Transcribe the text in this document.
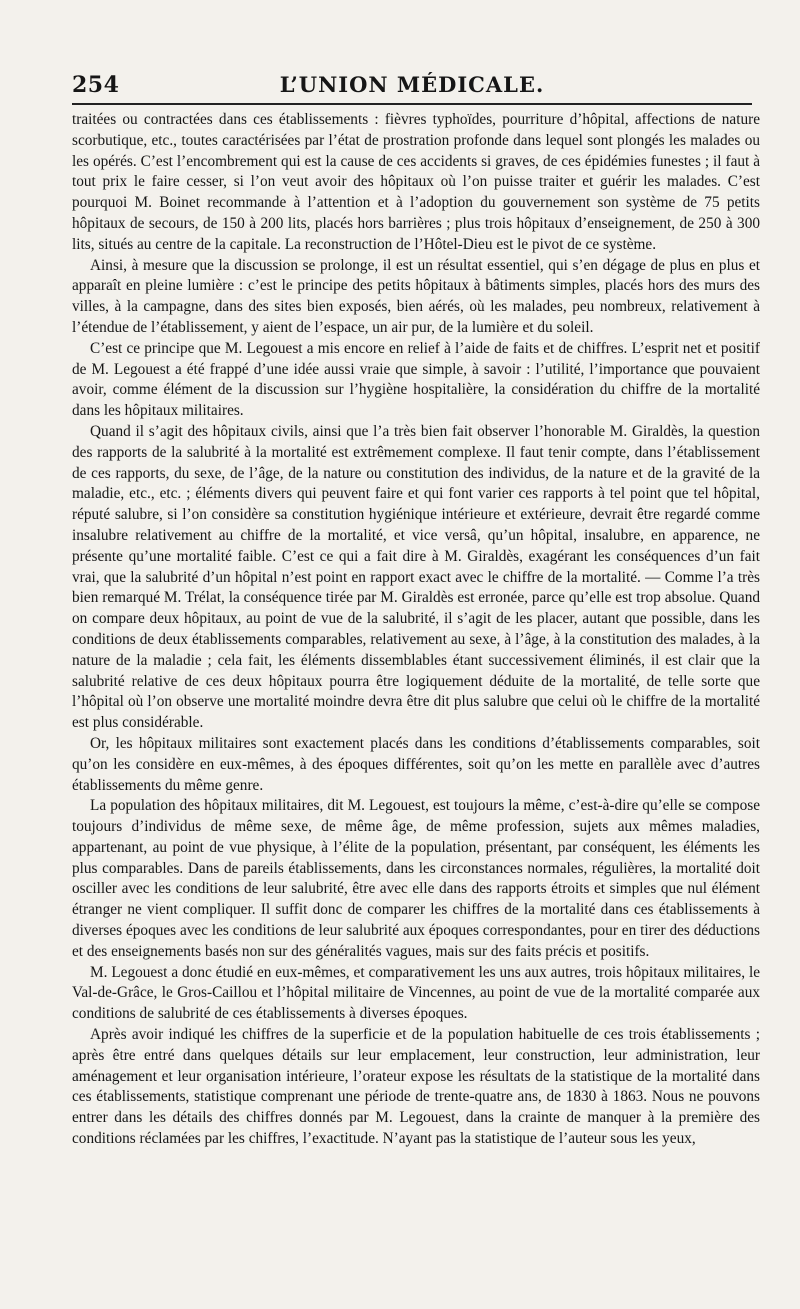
254	L’UNION MÉDICALE.

traitées ou contractées dans ces établissements : fièvres typhoïdes, pourriture d’hôpital, affections de nature scorbutique, etc., toutes caractérisées par l’état de prostration profonde dans lequel sont plongés les malades ou les opérés. C’est l’encombrement qui est la cause de ces accidents si graves, de ces épidémies funestes ; il faut à tout prix le faire cesser, si l’on veut avoir des hôpitaux où l’on puisse traiter et guérir les malades. C’est pourquoi M. Boinet recommande à l’attention et à l’adoption du gouvernement son système de 75 petits hôpitaux de secours, de 150 à 200 lits, placés hors barrières ; plus trois hôpitaux d’enseignement, de 250 à 300 lits, situés au centre de la capitale. La reconstruction de l’Hôtel-Dieu est le pivot de ce système.

Ainsi, à mesure que la discussion se prolonge, il est un résultat essentiel, qui s’en dégage de plus en plus et apparaît en pleine lumière : c’est le principe des petits hôpitaux à bâtiments simples, placés hors des murs des villes, à la campagne, dans des sites bien exposés, bien aérés, où les malades, peu nombreux, relativement à l’étendue de l’établissement, y aient de l’espace, un air pur, de la lumière et du soleil.

C’est ce principe que M. Legouest a mis encore en relief à l’aide de faits et de chiffres. L’esprit net et positif de M. Legouest a été frappé d’une idée aussi vraie que simple, à savoir : l’utilité, l’importance que pouvaient avoir, comme élément de la discussion sur l’hygiène hospitalière, la considération du chiffre de la mortalité dans les hôpitaux militaires.

Quand il s’agit des hôpitaux civils, ainsi que l’a très bien fait observer l’honorable M. Giraldès, la question des rapports de la salubrité à la mortalité est extrêmement complexe. Il faut tenir compte, dans l’établissement de ces rapports, du sexe, de l’âge, de la nature ou constitution des individus, de la nature et de la gravité de la maladie, etc., etc. ; éléments divers qui peuvent faire et qui font varier ces rapports à tel point que tel hôpital, réputé salubre, si l’on considère sa constitution hygiénique intérieure et extérieure, devrait être regardé comme insalubre relativement au chiffre de la mortalité, et vice versâ, qu’un hôpital, insalubre, en apparence, ne présente qu’une mortalité faible. C’est ce qui a fait dire à M. Giraldès, exagérant les conséquences d’un fait vrai, que la salubrité d’un hôpital n’est point en rapport exact avec le chiffre de la mortalité. — Comme l’a très bien remarqué M. Trélat, la conséquence tirée par M. Giraldès est erronée, parce qu’elle est trop absolue. Quand on compare deux hôpitaux, au point de vue de la salubrité, il s’agit de les placer, autant que possible, dans les conditions de deux établissements comparables, relativement au sexe, à l’âge, à la constitution des malades, à la nature de la maladie ; cela fait, les éléments dissemblables étant successivement éliminés, il est clair que la salubrité relative de ces deux hôpitaux pourra être logiquement déduite de la mortalité, de telle sorte que l’hôpital où l’on observe une mortalité moindre devra être dit plus salubre que celui où le chiffre de la mortalité est plus considérable.

Or, les hôpitaux militaires sont exactement placés dans les conditions d’établissements comparables, soit qu’on les considère en eux-mêmes, à des époques différentes, soit qu’on les mette en parallèle avec d’autres établissements du même genre.

La population des hôpitaux militaires, dit M. Legouest, est toujours la même, c’est-à-dire qu’elle se compose toujours d’individus de même sexe, de même âge, de même profession, sujets aux mêmes maladies, appartenant, au point de vue physique, à l’élite de la population, présentant, par conséquent, les éléments les plus comparables. Dans de pareils établissements, dans les circonstances normales, régulières, la mortalité doit osciller avec les conditions de leur salubrité, être avec elle dans des rapports étroits et simples que nul élément étranger ne vient compliquer. Il suffit donc de comparer les chiffres de la mortalité dans ces établissements à diverses époques avec les conditions de leur salubrité aux époques correspondantes, pour en tirer des déductions et des enseignements basés non sur des généralités vagues, mais sur des faits précis et positifs.

M. Legouest a donc étudié en eux-mêmes, et comparativement les uns aux autres, trois hôpitaux militaires, le Val-de-Grâce, le Gros-Caillou et l’hôpital militaire de Vincennes, au point de vue de la mortalité comparée aux conditions de salubrité de ces établissements à diverses époques.

Après avoir indiqué les chiffres de la superficie et de la population habituelle de ces trois établissements ; après être entré dans quelques détails sur leur emplacement, leur construction, leur administration, leur aménagement et leur organisation intérieure, l’orateur expose les résultats de la statistique de la mortalité dans ces établissements, statistique comprenant une période de trente-quatre ans, de 1830 à 1863. Nous ne pouvons entrer dans les détails des chiffres donnés par M. Legouest, dans la crainte de manquer à la première des conditions réclamées par les chiffres, l’exactitude. N’ayant pas la statistique de l’auteur sous les yeux,
